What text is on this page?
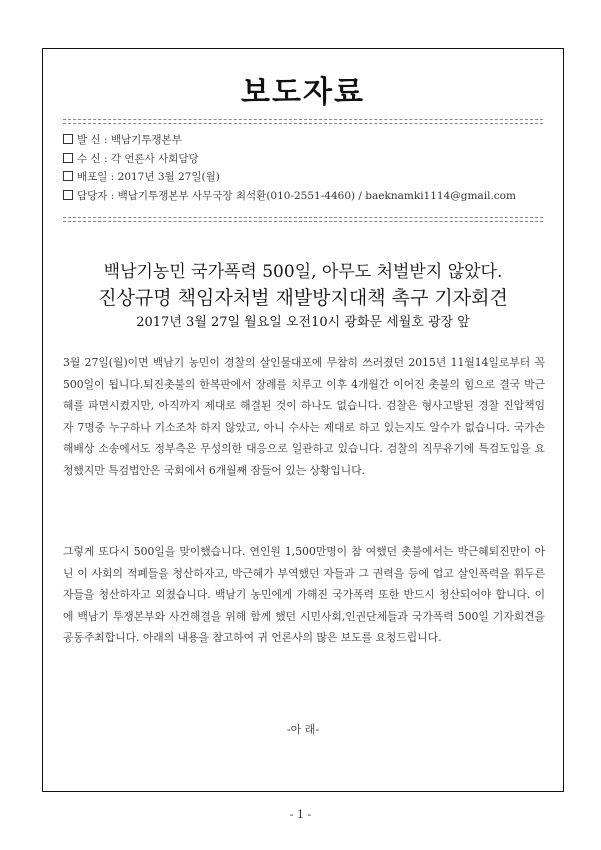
보도자료
발 신 : 백남기투쟁본부
수 신 : 각 언론사 사회담당
배포일 : 2017년 3월 27일(월)
담당자 : 백남기투쟁본부 사무국장 최석환(010-2551-4460) / baeknamki1114@gmail.com
백남기농민 국가폭력 500일, 아무도 처벌받지 않았다.
진상규명 책임자처벌 재발방지대책 촉구 기자회견
2017년 3월 27일 월요일 오전10시 광화문 세월호 광장 앞
3월 27일(월)이면 백남기 농민이 경찰의 살인물대포에 무참히 쓰러졌던 2015년 11월14일로부터 꼭 500일이 됩니다.퇴진촛불의 한복판에서 장례를 치루고 이후 4개월간 이어진 촛불의 힘으로 결국 박근혜를 파면시켰지만, 아직까지 제대로 해결된 것이 하나도 없습니다. 검찰은 형사고발된 경찰 진압책임자 7명중 누구하나 기소조차 하지 않았고, 아니 수사는 제대로 하고 있는지도 알수가 없습니다. 국가손해배상 소송에서도 정부측은 무성의한 대응으로 일관하고 있습니다. 검찰의 직무유기에 특검도입을 요청했지만 특검법안은 국회에서 6개월째 잠들어 있는 상황입니다.
그렇게 또다시 500일을 맞이했습니다. 연인원 1,500만명이 참 여했던 촛불에서는 박근혜퇴진만이 아닌 이 사회의 적폐들을 청산하자고, 박근혜가 부역했던 자들과 그 권력을 등에 업고 살인폭력을 휘두른 자들을 청산하자고 외쳤습니다. 백남기 농민에게 가해진 국가폭력 또한 반드시 청산되어야 합니다. 이에 백남기 투쟁본부와 사건해결을 위해 함께 했던 시민사회,인권단체들과 국가폭력 500일 기자회견을 공동주최합니다. 아래의 내용을 참고하여 귀 언론사의 많은 보도를 요청드립니다.
-아 래-
- 1 -
